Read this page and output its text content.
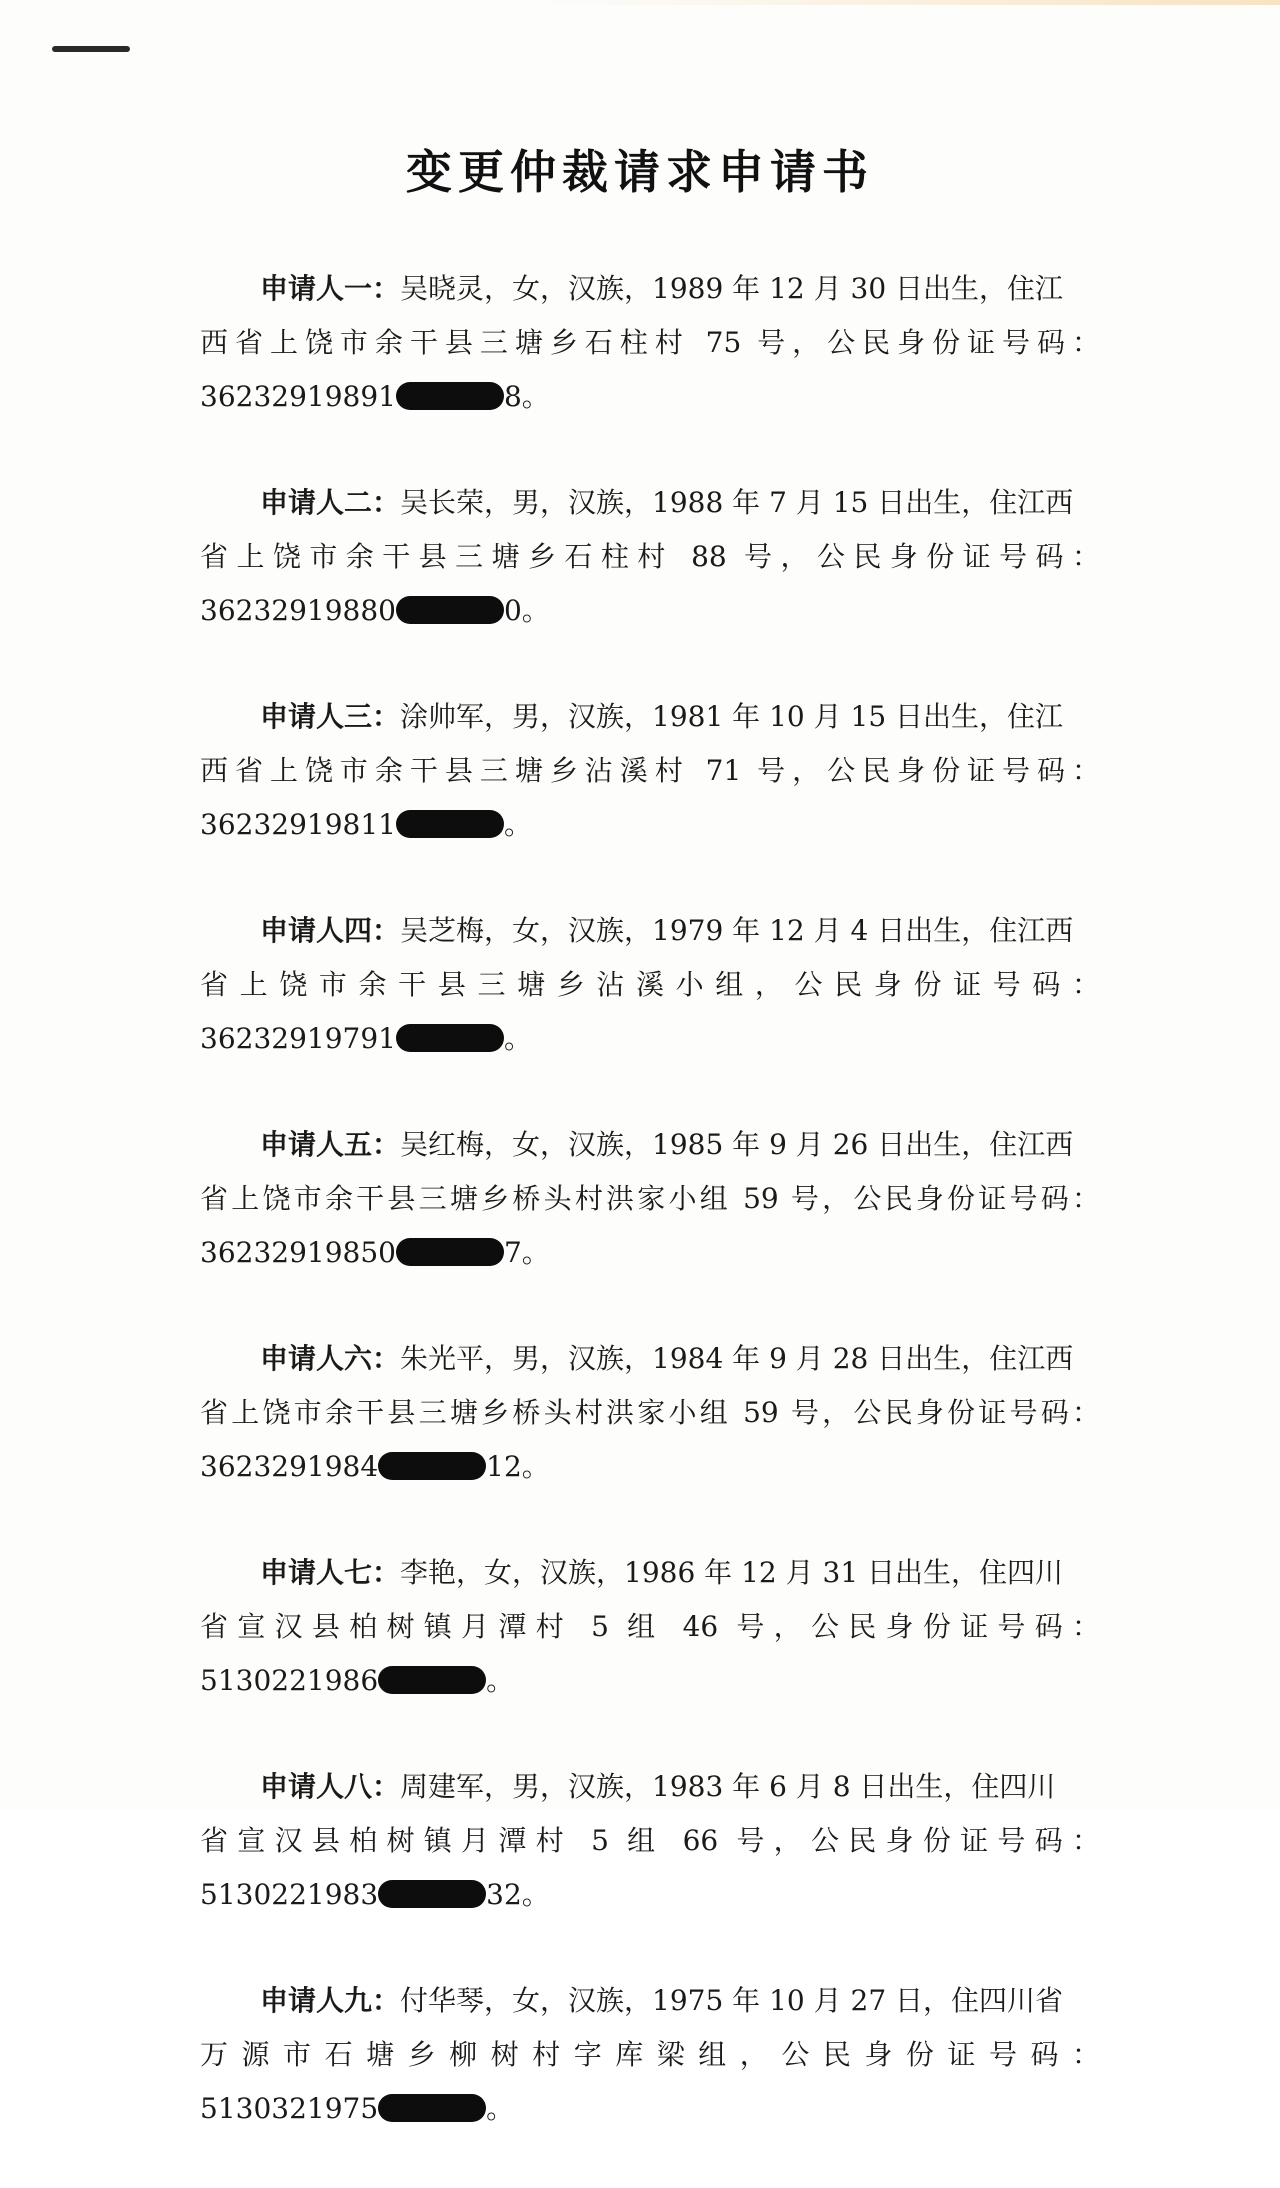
变更仲裁请求申请书
申请人一：吴晓灵，女，汉族，1989 年 12 月 30 日出生，住江
西省上饶市余干县三塘乡石柱村 75 号，公民身份证号码：
36232919891	8。
申请人二：吴长荣，男，汉族，1988 年 7 月 15 日出生，住江西
省上饶市余干县三塘乡石柱村 88 号，公民身份证号码：
36232919880	0。
申请人三：涂帅军，男，汉族，1981 年 10 月 15 日出生，住江
西省上饶市余干县三塘乡沾溪村 71 号，公民身份证号码：
36232919811	。
申请人四：吴芝梅，女，汉族，1979 年 12 月 4 日出生，住江西
省上饶市余干县三塘乡沾溪小组，公民身份证号码：
36232919791	。
申请人五：吴红梅，女，汉族，1985 年 9 月 26 日出生，住江西
省上饶市余干县三塘乡桥头村洪家小组 59 号，公民身份证号码：
36232919850	7。
申请人六：朱光平，男，汉族，1984 年 9 月 28 日出生，住江西
省上饶市余干县三塘乡桥头村洪家小组 59 号，公民身份证号码：
3623291984	12。
申请人七：李艳，女，汉族，1986 年 12 月 31 日出生，住四川
省宣汉县柏树镇月潭村 5 组 46 号，公民身份证号码：
5130221986	。
申请人八：周建军，男，汉族，1983 年 6 月 8 日出生，住四川
省宣汉县柏树镇月潭村 5 组 66 号，公民身份证号码：
5130221983	32。
申请人九：付华琴，女，汉族，1975 年 10 月 27 日，住四川省
万源市石塘乡柳树村字库梁组，公民身份证号码：
5130321975	。
